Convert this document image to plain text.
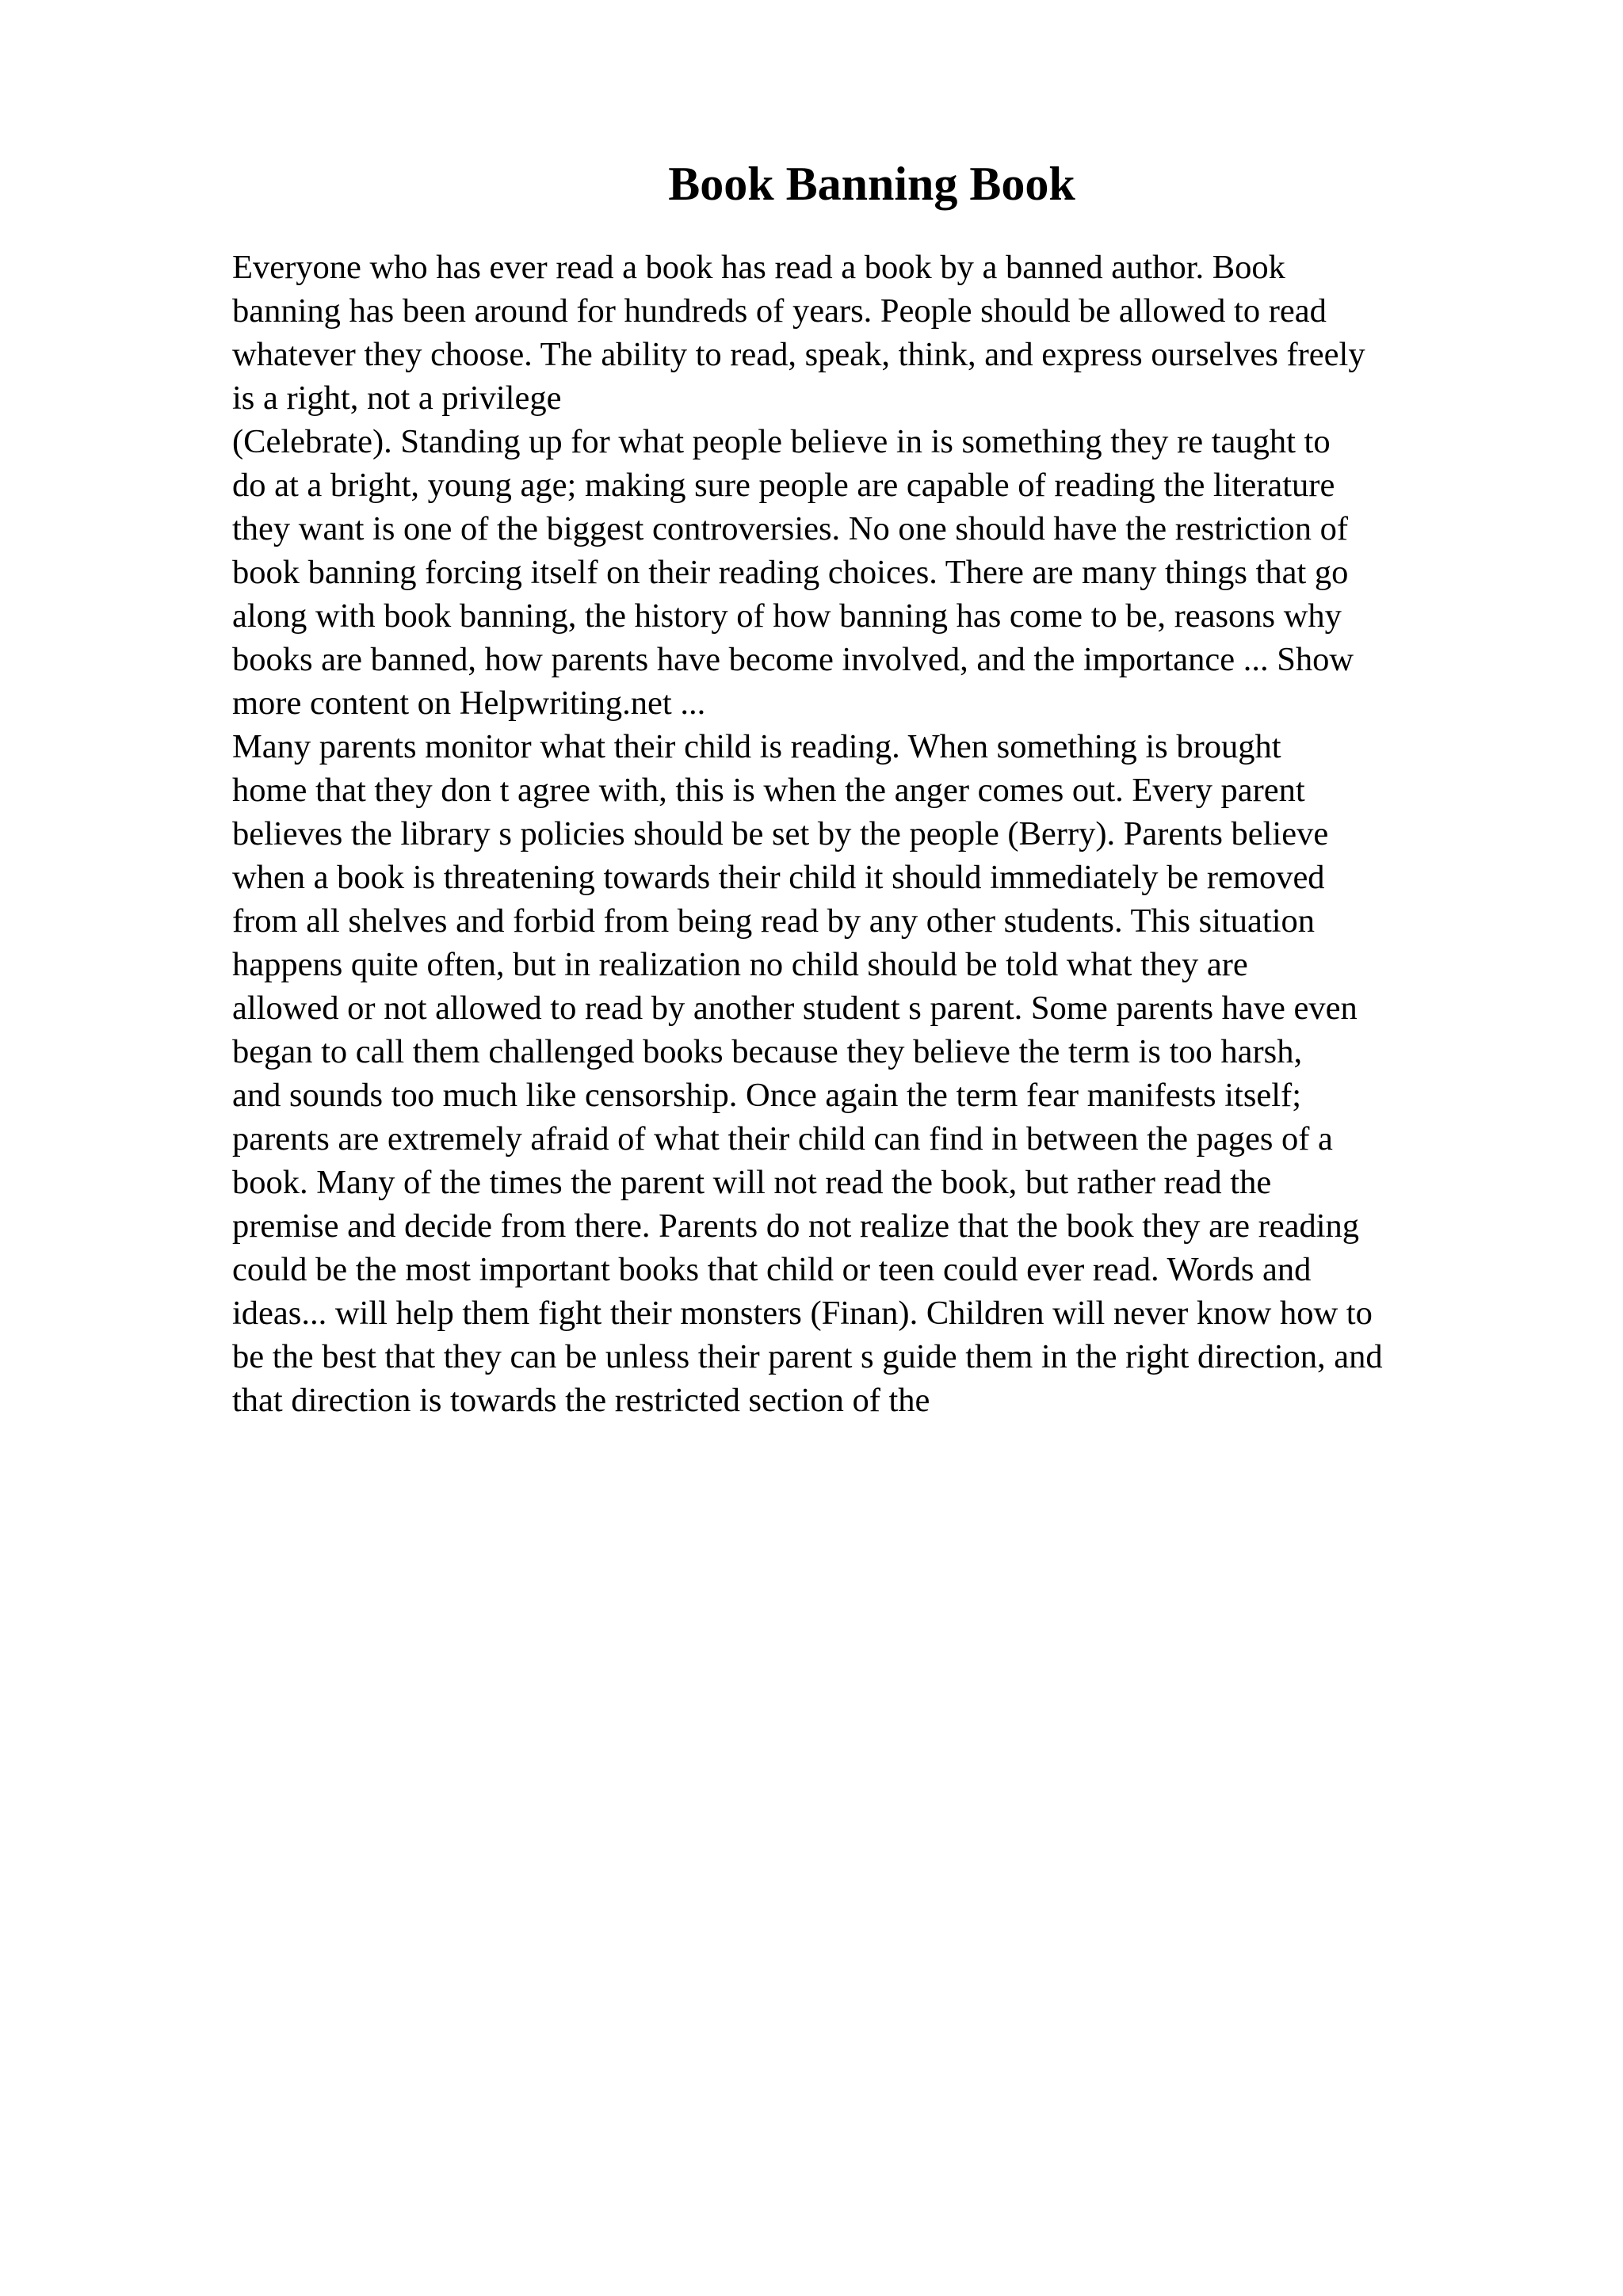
Book Banning Book
Everyone who has ever read a book has read a book by a banned author. Book
banning has been around for hundreds of years. People should be allowed to read
whatever they choose. The ability to read, speak, think, and express ourselves freely
is a right, not a privilege
(Celebrate). Standing up for what people believe in is something they re taught to
do at a bright, young age; making sure people are capable of reading the literature
they want is one of the biggest controversies. No one should have the restriction of
book banning forcing itself on their reading choices. There are many things that go
along with book banning, the history of how banning has come to be, reasons why
books are banned, how parents have become involved, and the importance ... Show
more content on Helpwriting.net ...
Many parents monitor what their child is reading. When something is brought
home that they don t agree with, this is when the anger comes out. Every parent
believes the library s policies should be set by the people (Berry). Parents believe
when a book is threatening towards their child it should immediately be removed
from all shelves and forbid from being read by any other students. This situation
happens quite often, but in realization no child should be told what they are
allowed or not allowed to read by another student s parent. Some parents have even
began to call them challenged books because they believe the term is too harsh,
and sounds too much like censorship. Once again the term fear manifests itself;
parents are extremely afraid of what their child can find in between the pages of a
book. Many of the times the parent will not read the book, but rather read the
premise and decide from there. Parents do not realize that the book they are reading
could be the most important books that child or teen could ever read. Words and
ideas... will help them fight their monsters (Finan). Children will never know how to
be the best that they can be unless their parent s guide them in the right direction, and
that direction is towards the restricted section of the
